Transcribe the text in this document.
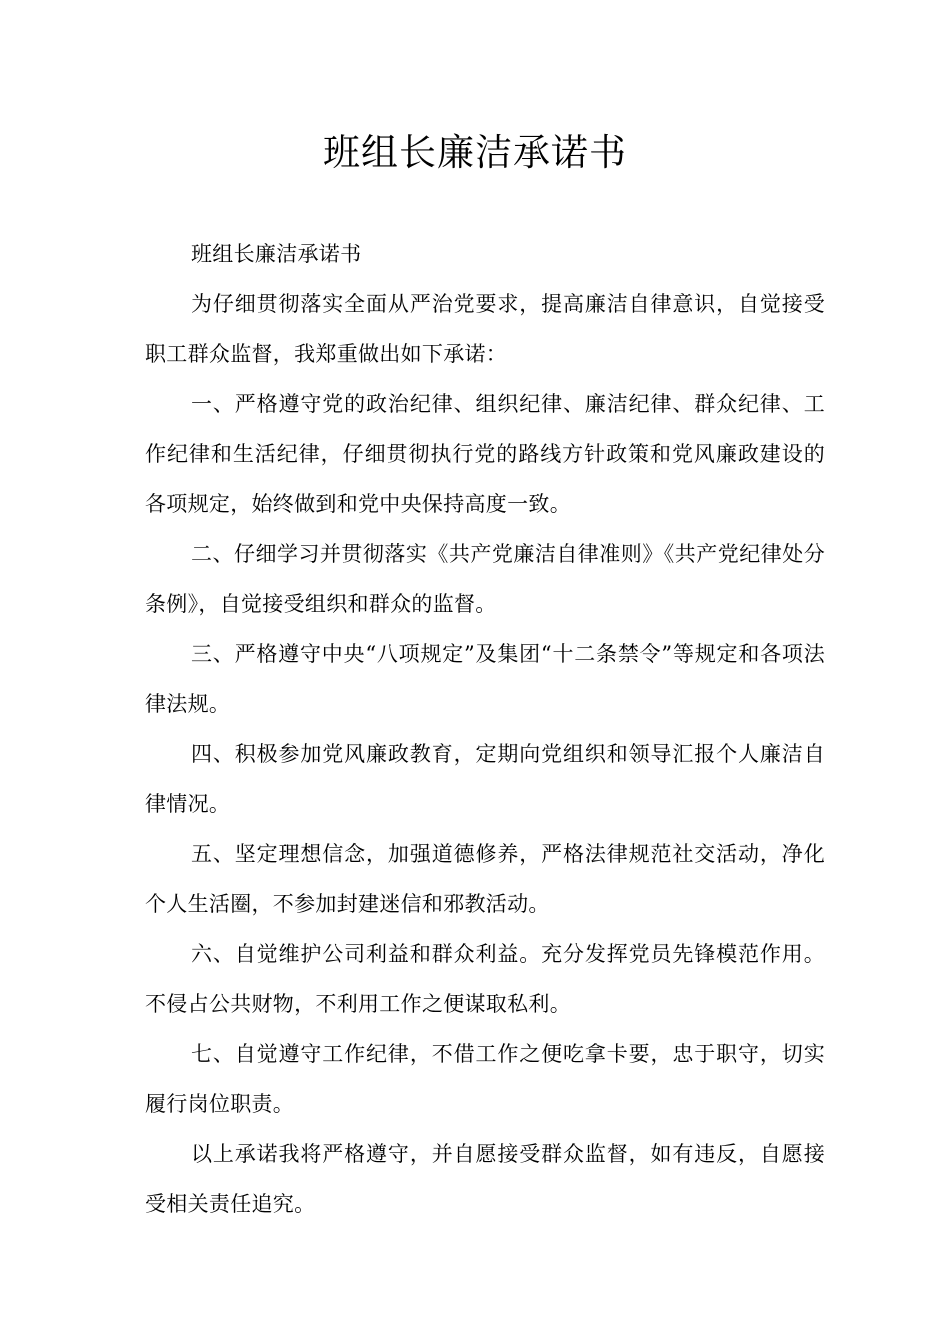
班组长廉洁承诺书

班组长廉洁承诺书

为仔细贯彻落实全面从严治党要求，提高廉洁自律意识，自觉接受职工群众监督，我郑重做出如下承诺：

一、严格遵守党的政治纪律、组织纪律、廉洁纪律、群众纪律、工作纪律和生活纪律，仔细贯彻执行党的路线方针政策和党风廉政建设的各项规定，始终做到和党中央保持高度一致。

二、仔细学习并贯彻落实《共产党廉洁自律准则》《共产党纪律处分条例》，自觉接受组织和群众的监督。

三、严格遵守中央“八项规定”及集团“十二条禁令”等规定和各项法律法规。

四、积极参加党风廉政教育，定期向党组织和领导汇报个人廉洁自律情况。

五、坚定理想信念，加强道德修养，严格法律规范社交活动，净化个人生活圈，不参加封建迷信和邪教活动。

六、自觉维护公司利益和群众利益。充分发挥党员先锋模范作用。不侵占公共财物，不利用工作之便谋取私利。

七、自觉遵守工作纪律，不借工作之便吃拿卡要，忠于职守，切实履行岗位职责。

以上承诺我将严格遵守，并自愿接受群众监督，如有违反，自愿接受相关责任追究。
